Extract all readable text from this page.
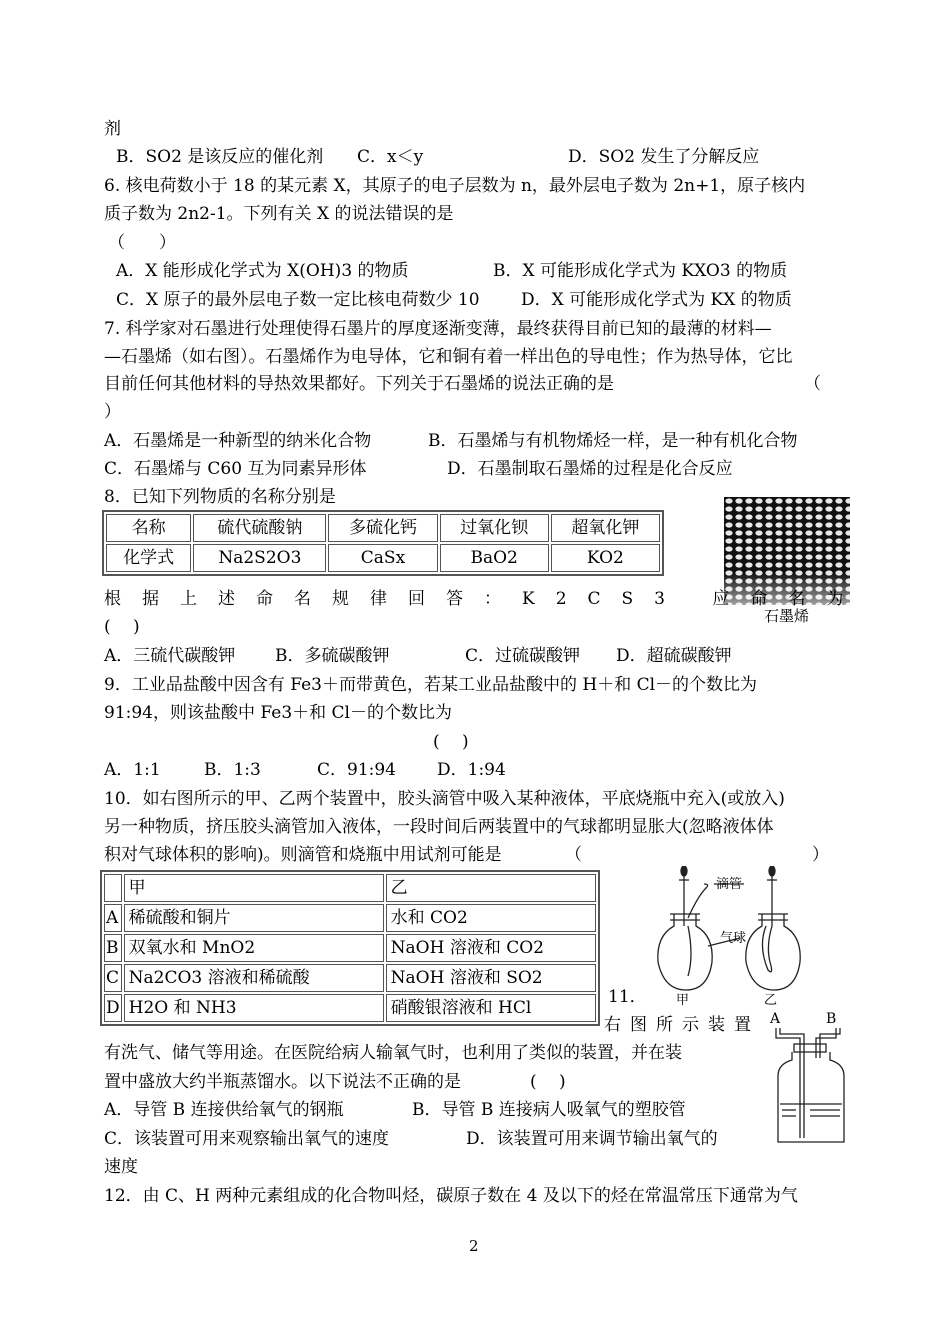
剂
B．SO2 是该反应的催化剂 C．x＜y	D．SO2 发生了分解反应
6. 核电荷数小于 18 的某元素 X，其原子的电子层数为 n，最外层电子数为 2n+1，原子核内
质子数为 2n2-1。下列有关 X 的说法错误的是
（　　）
A．X 能形成化学式为 X(OH)3 的物质	B．X 可能形成化学式为 KXO3 的物质
C．X 原子的最外层电子数一定比核电荷数少 10 D．X 可能形成化学式为 KX 的物质
7. 科学家对石墨进行处理使得石墨片的厚度逐渐变薄，最终获得目前已知的最薄的材料—
—石墨烯（如右图）。石墨烯作为电导体，它和铜有着一样出色的导电性；作为热导体，它比
目前任何其他材料的导热效果都好。下列关于石墨烯的说法正确的是	（
）
A．石墨烯是一种新型的纳米化合物	B．石墨烯与有机物烯烃一样，是一种有机化合物
C．石墨烯与 C60 互为同素异形体	D．石墨制取石墨烯的过程是化合反应
8．已知下列物质的名称分别是
名称	硫代硫酸钠	多硫化钙	过氧化钡	超氧化钾
化学式	Na2S2O3	CaSx	BaO2	KO2
石墨烯
根据上述命名规律回答：K2CS3 应命名为
(　 )
A．三硫代碳酸钾 B．多硫碳酸钾	C．过硫碳酸钾 D．超硫碳酸钾
9．工业品盐酸中因含有 Fe3＋而带黄色，若某工业品盐酸中的 H＋和 Cl－的个数比为
91:94，则该盐酸中 Fe3＋和 Cl－的个数比为
(　 )
A．1:1	B．1:3	C．91:94 D．1:94
10．如右图所示的甲、乙两个装置中，胶头滴管中吸入某种液体，平底烧瓶中充入(或放入)
另一种物质，挤压胶头滴管加入液体，一段时间后两装置中的气球都明显胀大(忽略液体体
积对气球体积的影响)。则滴管和烧瓶中用试剂可能是	（	）
	甲	乙
A	稀硫酸和铜片	水和 CO2
B	双氧水和 MnO2	NaOH 溶液和 CO2
C	Na2CO3 溶液和稀硫酸	NaOH 溶液和 SO2
D	H2O 和 NH3	硝酸银溶液和 HCl
滴管
气球
甲	乙
11．
右图所示装置 A	B
有洗气、储气等用途。在医院给病人输氧气时，也利用了类似的装置，并在装
置中盛放大约半瓶蒸馏水。以下说法不正确的是	( 　)
A．导管 B 连接供给氧气的钢瓶	B．导管 B 连接病人吸氧气的塑胶管
C．该装置可用来观察输出氧气的速度	D．该装置可用来调节输出氧气的
速度
12．由 C、H 两种元素组成的化合物叫烃，碳原子数在 4 及以下的烃在常温常压下通常为气
2
